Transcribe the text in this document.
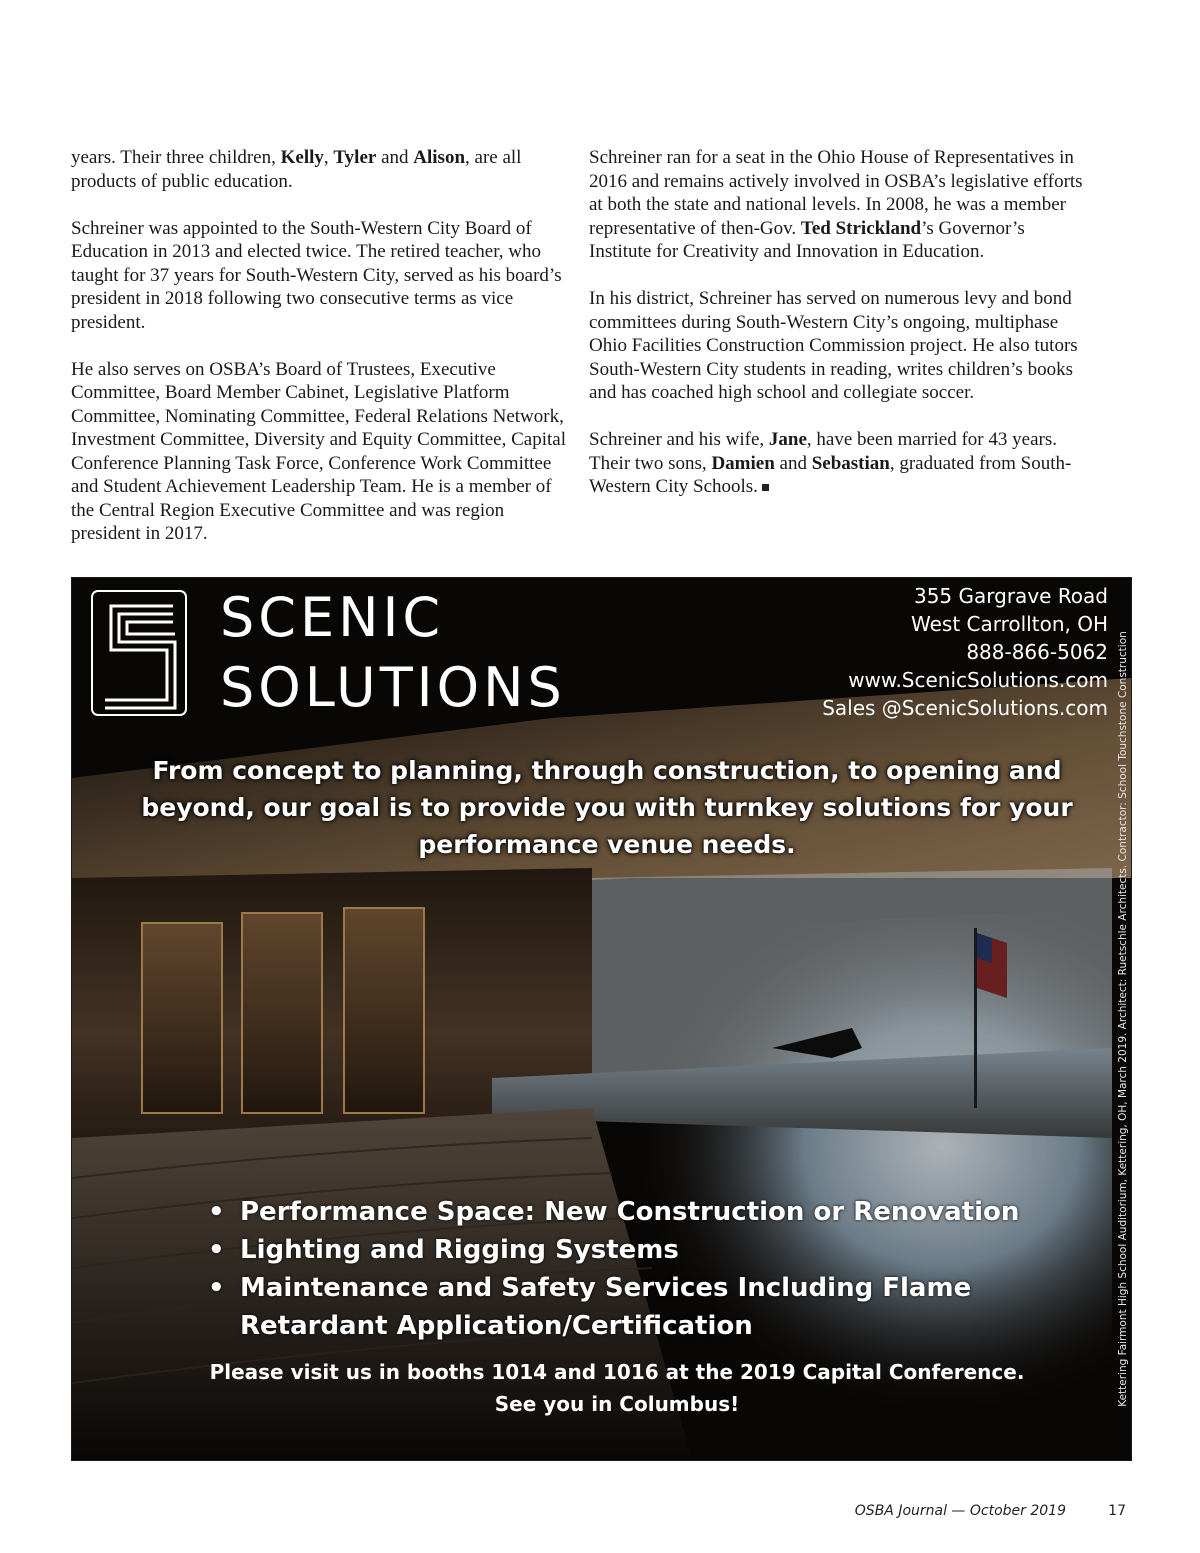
years. Their three children, Kelly, Tyler and Alison, are all products of public education.

Schreiner was appointed to the South-Western City Board of Education in 2013 and elected twice. The retired teacher, who taught for 37 years for South-Western City, served as his board’s president in 2018 following two consecutive terms as vice president.

He also serves on OSBA’s Board of Trustees, Executive Committee, Board Member Cabinet, Legislative Platform Committee, Nominating Committee, Federal Relations Network, Investment Committee, Diversity and Equity Committee, Capital Conference Planning Task Force, Conference Work Committee and Student Achievement Leadership Team. He is a member of the Central Region Executive Committee and was region president in 2017.

Schreiner ran for a seat in the Ohio House of Representatives in 2016 and remains actively involved in OSBA’s legislative efforts at both the state and national levels. In 2008, he was a member representative of then-Gov. Ted Strickland’s Governor’s Institute for Creativity and Innovation in Education.

In his district, Schreiner has served on numerous levy and bond committees during South-Western City’s ongoing, multiphase Ohio Facilities Construction Commission project. He also tutors South-Western City students in reading, writes children’s books and has coached high school and collegiate soccer.

Schreiner and his wife, Jane, have been married for 43 years. Their two sons, Damien and Sebastian, graduated from South-Western City Schools.

SCENIC
SOLUTIONS
355 Gargrave Road
West Carrollton, OH
888-866-5062
www.ScenicSolutions.com
Sales @ScenicSolutions.com
From concept to planning, through construction, to opening and
beyond, our goal is to provide you with turnkey solutions for your
performance venue needs.
• Performance Space: New Construction or Renovation
• Lighting and Rigging Systems
• Maintenance and Safety Services Including Flame Retardant Application/Certification
Please visit us in booths 1014 and 1016 at the 2019 Capital Conference.
See you in Columbus!	Kettering Fairmont High School Auditorium, Kettering, OH, March 2019. Architect: Ruetschle Architects. Contractor: School Touchstone Construction
OSBA Journal — October 2019	17
